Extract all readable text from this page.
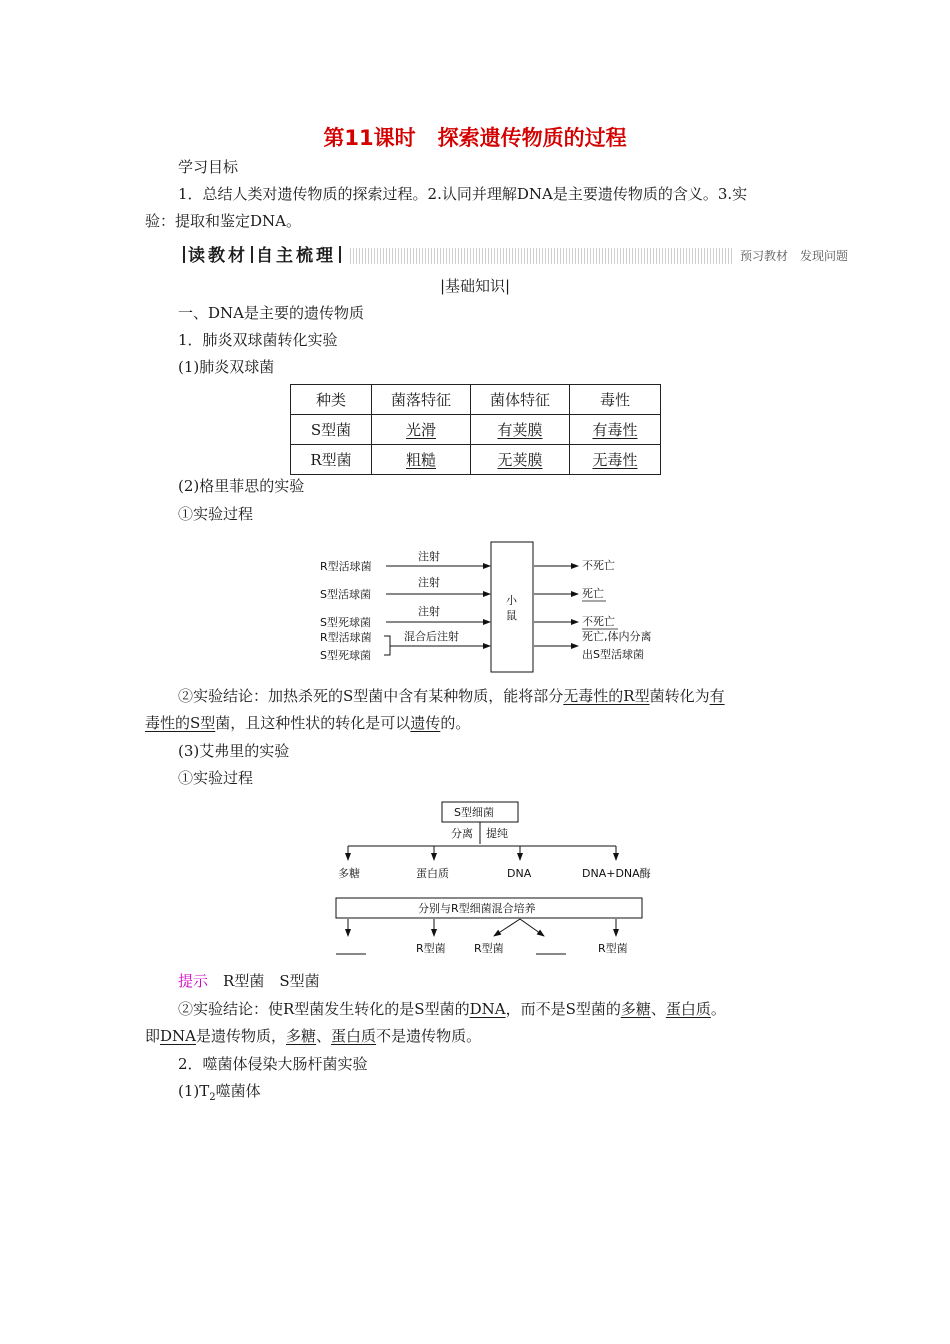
第11课时 探索遗传物质的过程
学习目标
1．总结人类对遗传物质的探索过程。2.认同并理解DNA是主要遗传物质的含义。3.实
验：提取和鉴定DNA。
读教材 自主梳理	预习教材　发现问题
|基础知识|
一、DNA是主要的遗传物质
1．肺炎双球菌转化实验
(1)肺炎双球菌
种类	菌落特征	菌体特征	毒性
S型菌	光滑	有荚膜	有毒性
R型菌	粗糙	无荚膜	无毒性
(2)格里菲思的实验
①实验过程
小
鼠
R型活球菌
S型活球菌
S型死球菌
R型活球菌
S型死球菌
注射
注射
注射
混合后注射
不死亡
死亡
不死亡
死亡,体内分离
出S型活球菌
②实验结论：加热杀死的S型菌中含有某种物质，能将部分无毒性的R型菌转化为有
毒性的S型菌，且这种性状的转化是可以遗传的。
(3)艾弗里的实验
①实验过程
S型细菌
分离 提纯
多糖	蛋白质	DNA	DNA+DNA酶
分别与R型细菌混合培养
R型菌	R型菌	R型菌
提示　 R型菌　S型菌
②实验结论：使R型菌发生转化的是S型菌的DNA，而不是S型菌的多糖、蛋白质。
即DNA是遗传物质，多糖、蛋白质不是遗传物质。
2．噬菌体侵染大肠杆菌实验
$(1)T_2$噬菌体
